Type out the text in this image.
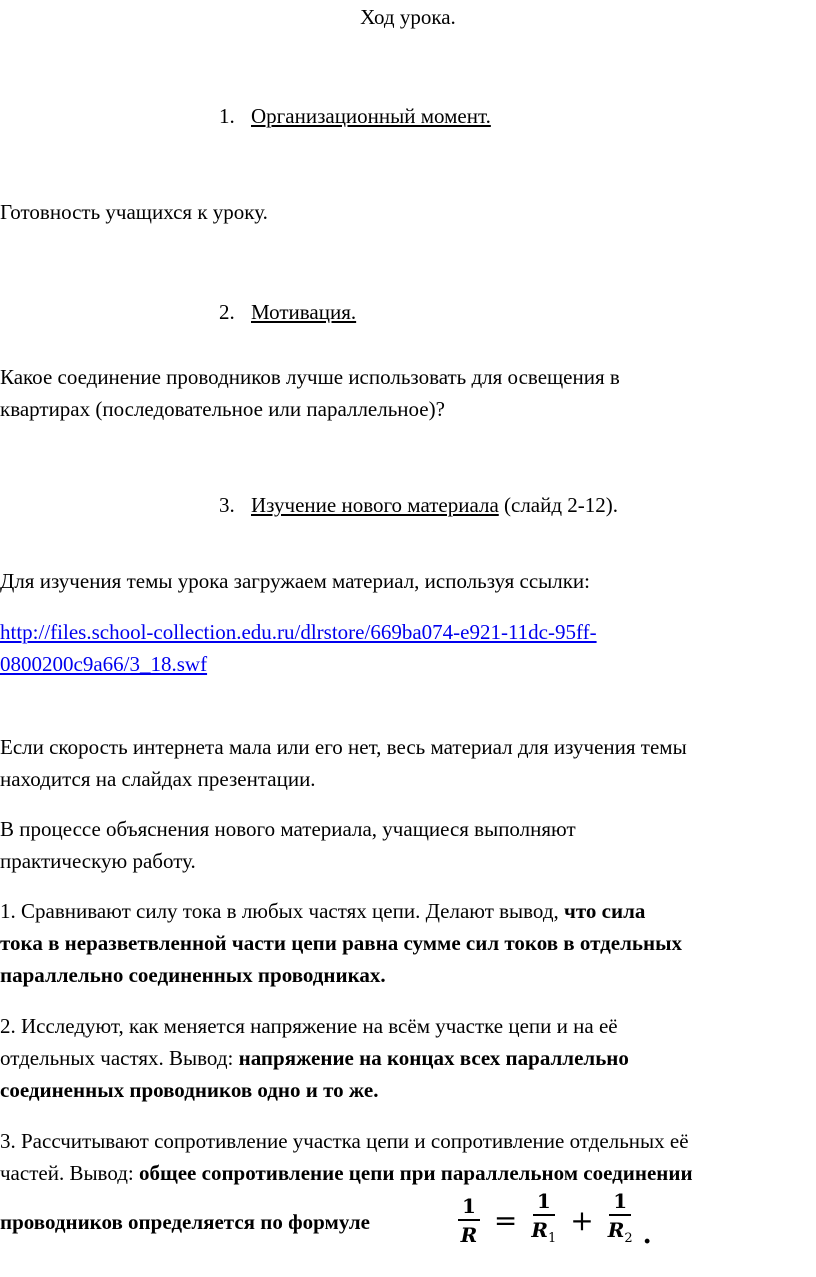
Ход урока.
1. Организационный момент.
Готовность учащихся к уроку.
2. Мотивация.
Какое соединение проводников лучше использовать для освещения в
квартирах (последовательное или параллельное)?
3. Изучение нового материала (слайд 2-12).
Для изучения темы урока загружаем материал, используя ссылки:
http://files.school-collection.edu.ru/dlrstore/669ba074-e921-11dc-95ff-
0800200c9a66/3_18.swf
Если скорость интернета мала или его нет, весь материал для изучения темы
находится на слайдах презентации.
В процессе объяснения нового материала, учащиеся выполняют
практическую работу.
1. Сравнивают силу тока в любых частях цепи. Делают вывод, что сила
тока в неразветвленной части цепи равна сумме сил токов в отдельных
параллельно соединенных проводниках.
2. Исследуют, как меняется напряжение на всём участке цепи и на её
отдельных частях. Вывод: напряжение на концах всех параллельно
соединенных проводников одно и то же.
3. Рассчитывают сопротивление участка цепи и сопротивление отдельных её
частей. Вывод: общее сопротивление цепи при параллельном соединении
проводников определяется по формуле	$\frac{1}{R} = \frac{1}{R_1} + \frac{1}{R_2}$ .
